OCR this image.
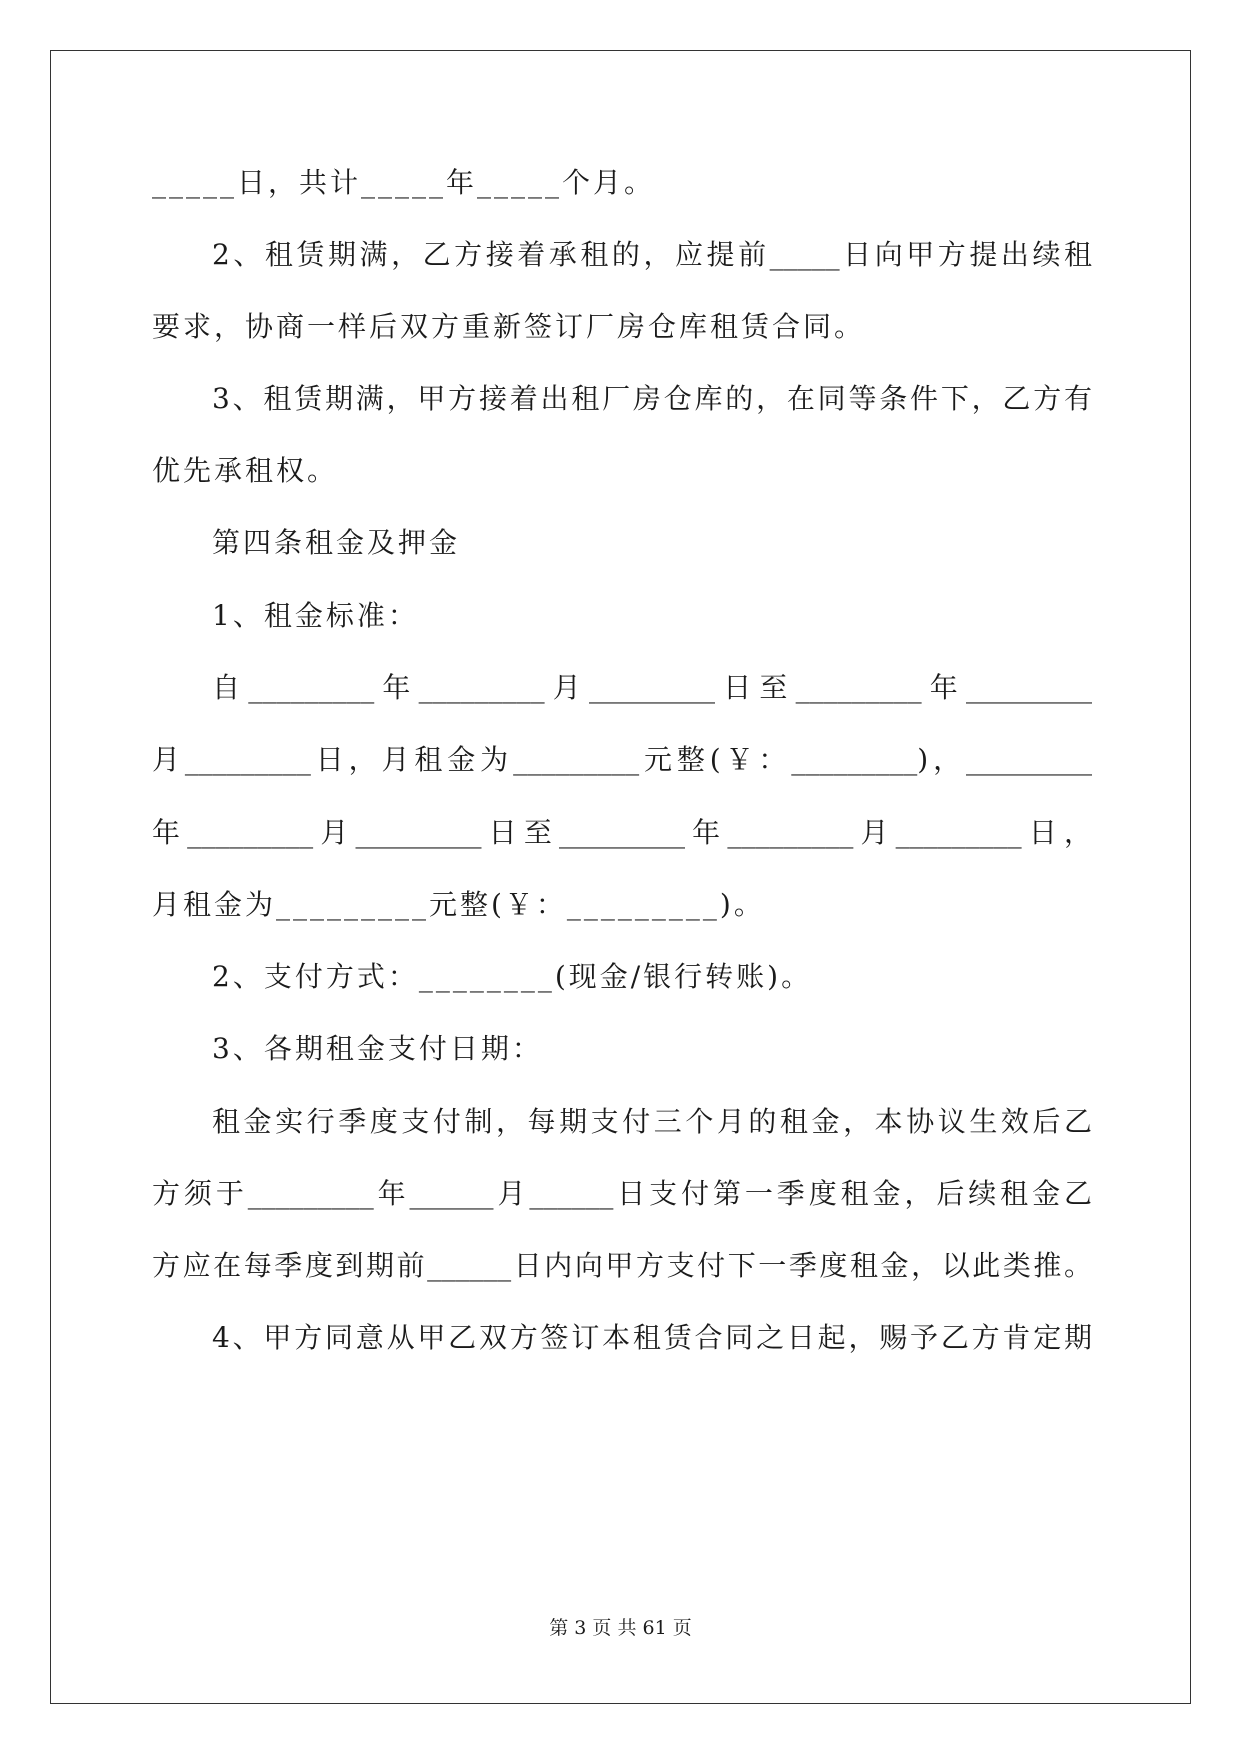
_____日，共计_____年_____个月。
2、租赁期满，乙方接着承租的，应提前_____日向甲方提出续租
要求，协商一样后双方重新签订厂房仓库租赁合同。
3、租赁期满，甲方接着出租厂房仓库的，在同等条件下，乙方有
优先承租权。
第四条租金及押金
1、租金标准：
自_________年_________月_________日至_________年_________
月_________日，月租金为_________元整(￥：_________)，_________
年_________月_________日至_________年_________月_________日，
月租金为_________元整(￥：_________)。
2、支付方式：________(现金/银行转账)。
3、各期租金支付日期：
租金实行季度支付制，每期支付三个月的租金，本协议生效后乙
方须于_________年______月______日支付第一季度租金，后续租金乙
方应在每季度到期前______日内向甲方支付下一季度租金，以此类推。
4、甲方同意从甲乙双方签订本租赁合同之日起，赐予乙方肯定期
第 3 页 共 61 页
